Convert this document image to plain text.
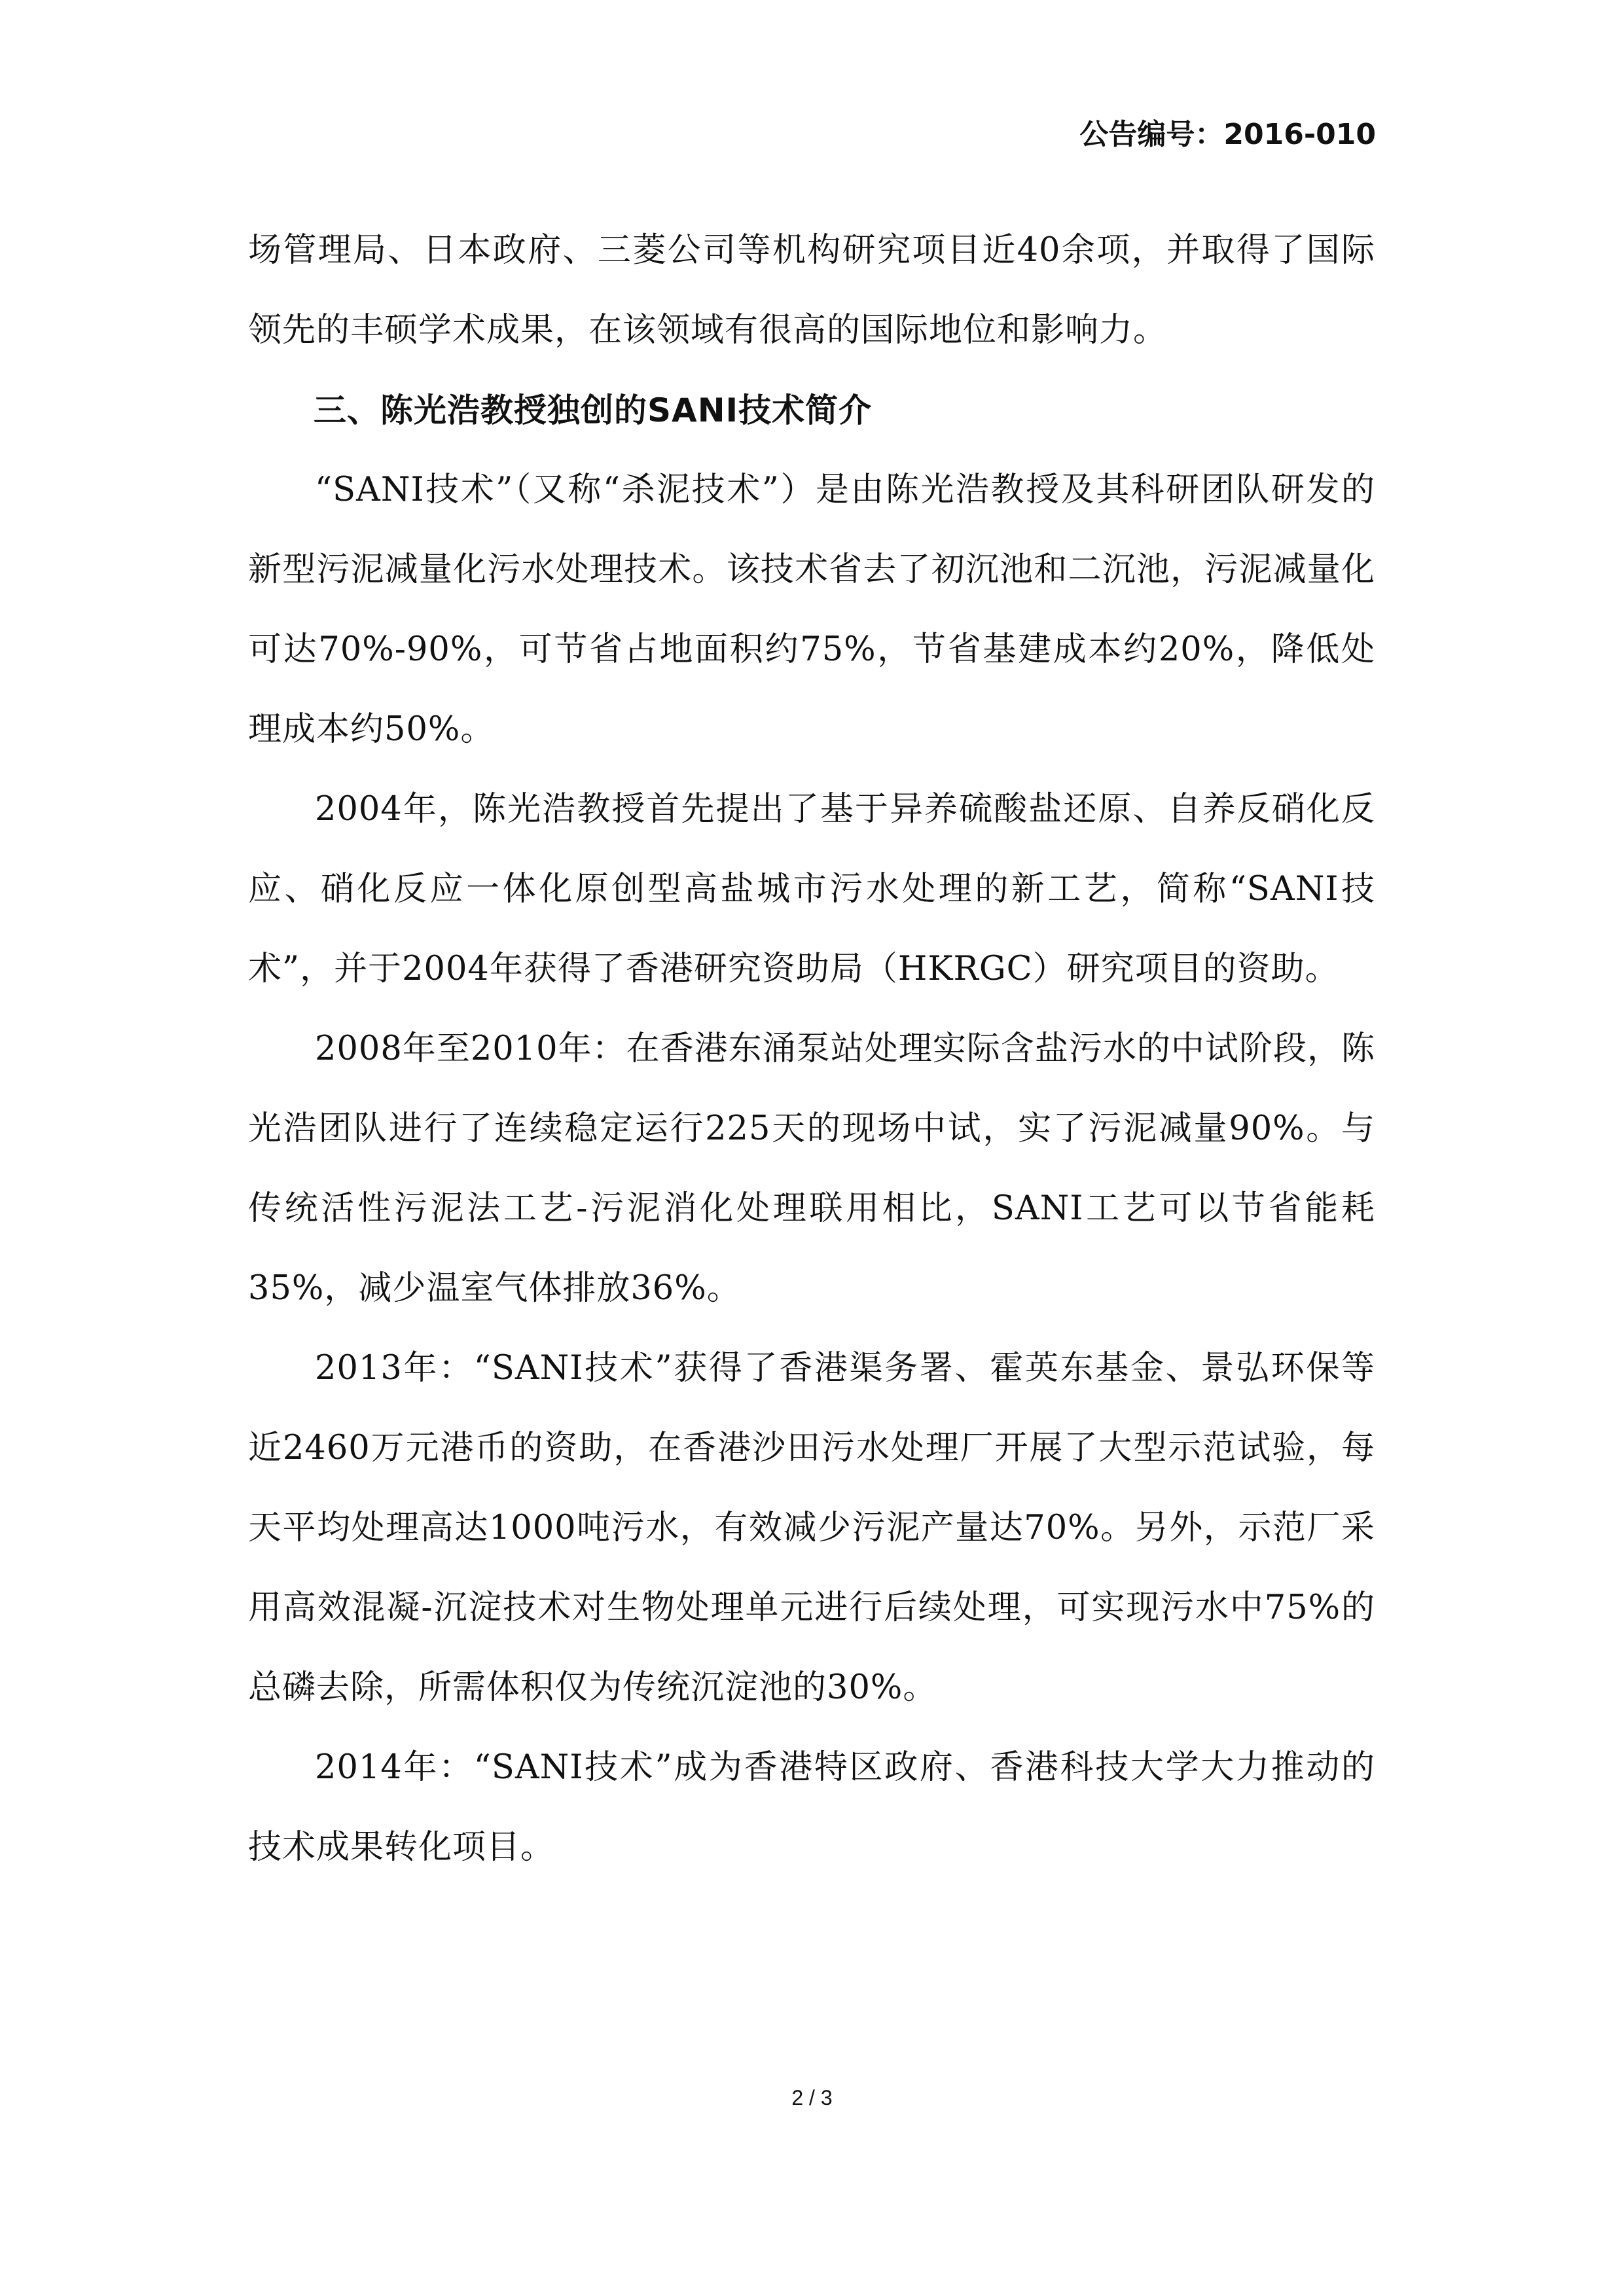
公告编号：2016-010

场管理局、日本政府、三菱公司等机构研究项目近40余项，并取得了国际领先的丰硕学术成果，在该领域有很高的国际地位和影响力。

三、陈光浩教授独创的SANI技术简介

“SANI技术”（又称“杀泥技术”）是由陈光浩教授及其科研团队研发的新型污泥减量化污水处理技术。该技术省去了初沉池和二沉池，污泥减量化可达70%-90%，可节省占地面积约75%，节省基建成本约20%，降低处理成本约50%。

2004年，陈光浩教授首先提出了基于异养硫酸盐还原、自养反硝化反应、硝化反应一体化原创型高盐城市污水处理的新工艺，简称“SANI技术”，并于2004年获得了香港研究资助局（HKRGC）研究项目的资助。

2008年至2010年：在香港东涌泵站处理实际含盐污水的中试阶段，陈光浩团队进行了连续稳定运行225天的现场中试，实了污泥减量90%。与传统活性污泥法工艺-污泥消化处理联用相比，SANI工艺可以节省能耗35%，减少温室气体排放36%。

2013年：“SANI技术”获得了香港渠务署、霍英东基金、景弘环保等近2460万元港币的资助，在香港沙田污水处理厂开展了大型示范试验，每天平均处理高达1000吨污水，有效减少污泥产量达70%。另外，示范厂采用高效混凝-沉淀技术对生物处理单元进行后续处理，可实现污水中75%的总磷去除，所需体积仅为传统沉淀池的30%。

2014年：“SANI技术”成为香港特区政府、香港科技大学大力推动的技术成果转化项目。

2 / 3
